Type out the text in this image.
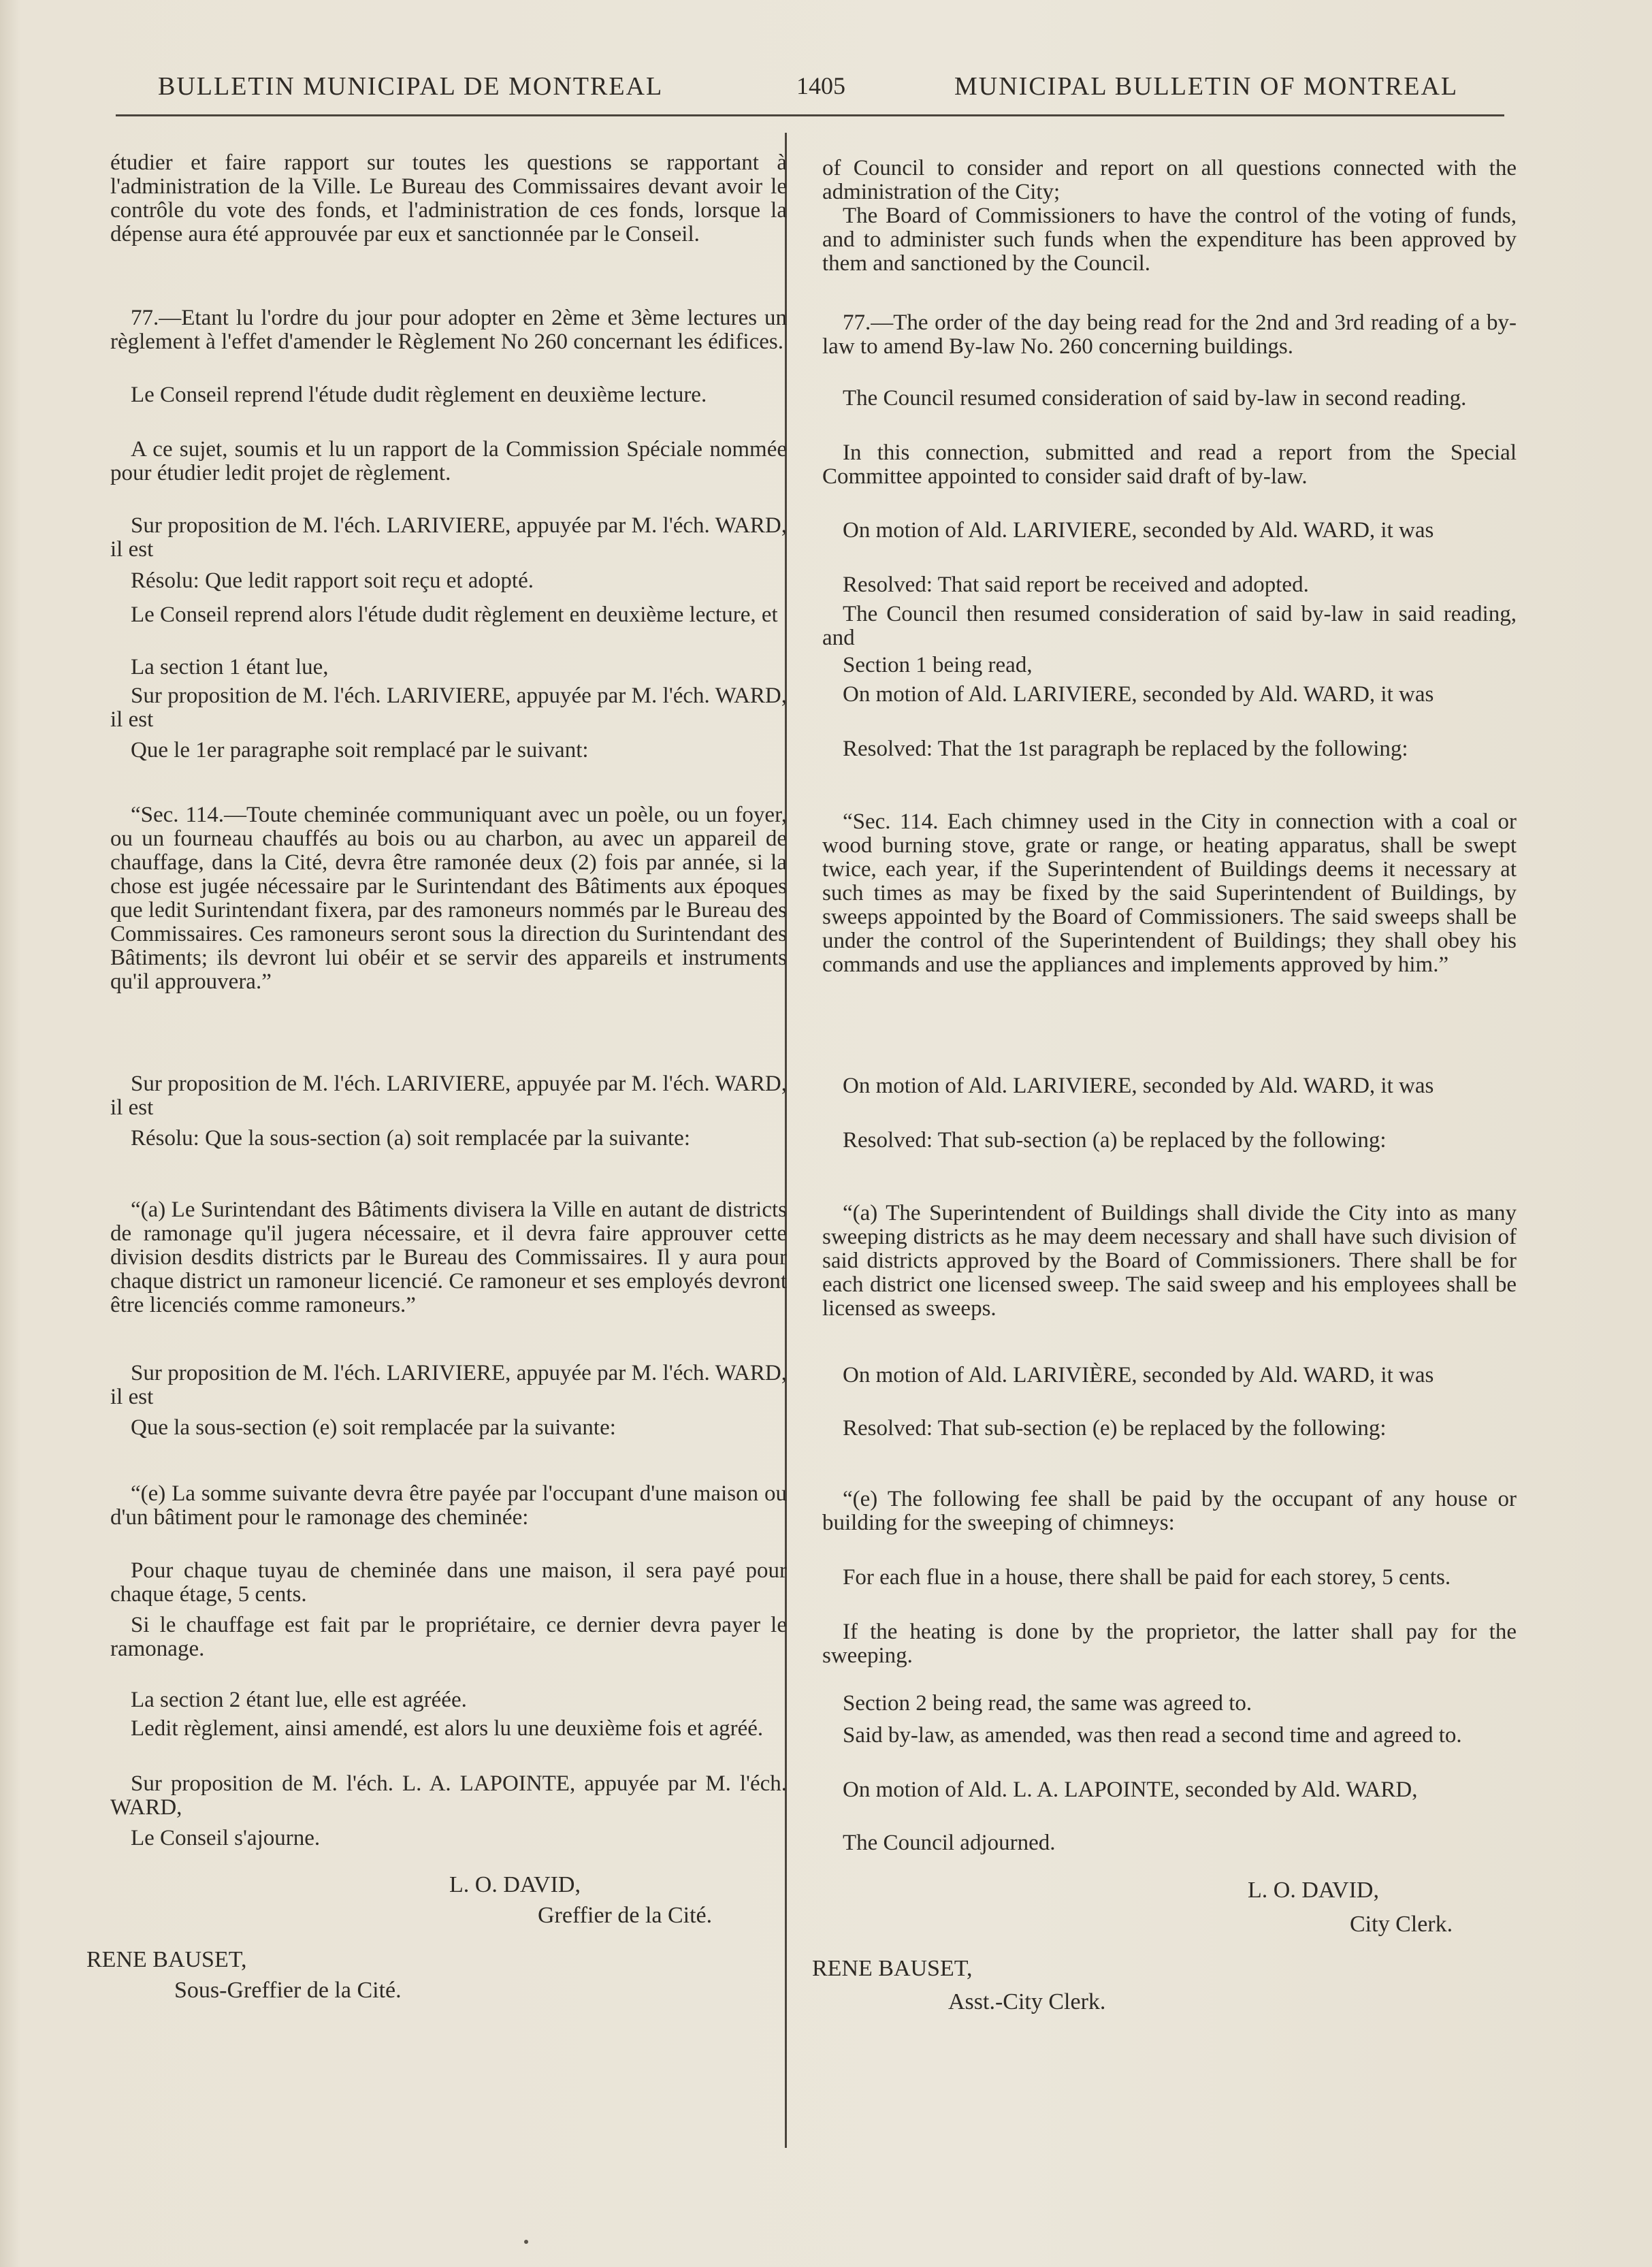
BULLETIN MUNICIPAL DE MONTREAL	1405	MUNICIPAL BULLETIN OF MONTREAL

étudier et faire rapport sur toutes les questions se rapportant à l'administration de la Ville. Le Bureau des Commissaires devant avoir le contrôle du vote des fonds, et l'administration de ces fonds, lorsque la dépense aura été approuvée par eux et sanctionnée par le Conseil.

77.—Etant lu l'ordre du jour pour adopter en 2ème et 3ème lectures un règlement à l'effet d'amender le Règlement No 260 concernant les édifices.

Le Conseil reprend l'étude dudit règlement en deuxième lecture.

A ce sujet, soumis et lu un rapport de la Commission Spéciale nommée pour étudier ledit projet de règlement.

Sur proposition de M. l'éch. LARIVIERE, appuyée par M. l'éch. WARD, il est

Résolu: Que ledit rapport soit reçu et adopté.

Le Conseil reprend alors l'étude dudit règlement en deuxième lecture, et

La section 1 étant lue,

Sur proposition de M. l'éch. LARIVIERE, appuyée par M. l'éch. WARD, il est

Que le 1er paragraphe soit remplacé par le suivant:

“Sec. 114.—Toute cheminée communiquant avec un poèle, ou un foyer, ou un fourneau chauffés au bois ou au charbon, au avec un appareil de chauffage, dans la Cité, devra être ramonée deux (2) fois par année, si la chose est jugée nécessaire par le Surintendant des Bâtiments aux époques que ledit Surintendant fixera, par des ramoneurs nommés par le Bureau des Commissaires. Ces ramoneurs seront sous la direction du Surintendant des Bâtiments; ils devront lui obéir et se servir des appareils et instruments qu'il approuvera.”

Sur proposition de M. l'éch. LARIVIERE, appuyée par M. l'éch. WARD, il est

Résolu: Que la sous-section (a) soit remplacée par la suivante:

“(a) Le Surintendant des Bâtiments divisera la Ville en autant de districts de ramonage qu'il jugera nécessaire, et il devra faire approuver cette division desdits districts par le Bureau des Commissaires. Il y aura pour chaque district un ramoneur licencié. Ce ramoneur et ses employés devront être licenciés comme ramoneurs.”

Sur proposition de M. l'éch. LARIVIERE, appuyée par M. l'éch. WARD, il est

Que la sous-section (e) soit remplacée par la suivante:

“(e) La somme suivante devra être payée par l'occupant d'une maison ou d'un bâtiment pour le ramonage des cheminée:

Pour chaque tuyau de cheminée dans une maison, il sera payé pour chaque étage, 5 cents.

Si le chauffage est fait par le propriétaire, ce dernier devra payer le ramonage.

La section 2 étant lue, elle est agréée.

Ledit règlement, ainsi amendé, est alors lu une deuxième fois et agréé.

Sur proposition de M. l'éch. L. A. LAPOINTE, appuyée par M. l'éch. WARD,

Le Conseil s'ajourne.

L. O. DAVID,
Greffier de la Cité.
RENE BAUSET,
Sous-Greffier de la Cité.

of Council to consider and report on all questions connected with the administration of the City;

The Board of Commissioners to have the control of the voting of funds, and to administer such funds when the expenditure has been approved by them and sanctioned by the Council.

77.—The order of the day being read for the 2nd and 3rd reading of a by-law to amend By-law No. 260 concerning buildings.

The Council resumed consideration of said by-law in second reading.

In this connection, submitted and read a report from the Special Committee appointed to consider said draft of by-law.

On motion of Ald. LARIVIERE, seconded by Ald. WARD, it was

Resolved: That said report be received and adopted.

The Council then resumed consideration of said by-law in said reading, and

Section 1 being read,

On motion of Ald. LARIVIERE, seconded by Ald. WARD, it was

Resolved: That the 1st paragraph be replaced by the following:

“Sec. 114. Each chimney used in the City in connection with a coal or wood burning stove, grate or range, or heating apparatus, shall be swept twice, each year, if the Superintendent of Buildings deems it necessary at such times as may be fixed by the said Superintendent of Buildings, by sweeps appointed by the Board of Commissioners. The said sweeps shall be under the control of the Superintendent of Buildings; they shall obey his commands and use the appliances and implements approved by him.”

On motion of Ald. LARIVIERE, seconded by Ald. WARD, it was

Resolved: That sub-section (a) be replaced by the following:

“(a) The Superintendent of Buildings shall divide the City into as many sweeping districts as he may deem necessary and shall have such division of said districts approved by the Board of Commissioners. There shall be for each district one licensed sweep. The said sweep and his employees shall be licensed as sweeps.

On motion of Ald. LARIVIÈRE, seconded by Ald. WARD, it was

Resolved: That sub-section (e) be replaced by the following:

“(e) The following fee shall be paid by the occupant of any house or building for the sweeping of chimneys:

For each flue in a house, there shall be paid for each storey, 5 cents.

If the heating is done by the proprietor, the latter shall pay for the sweeping.

Section 2 being read, the same was agreed to.

Said by-law, as amended, was then read a second time and agreed to.

On motion of Ald. L. A. LAPOINTE, seconded by Ald. WARD,

The Council adjourned.

L. O. DAVID,
City Clerk.
RENE BAUSET,
Asst.-City Clerk.
